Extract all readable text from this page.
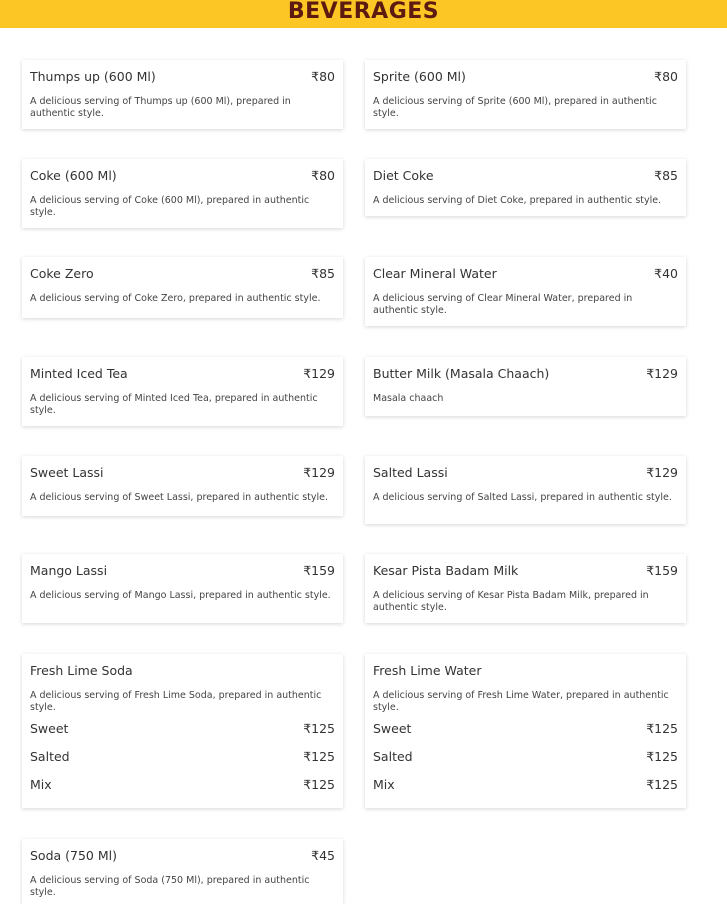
BEVERAGES
Thumps up (600 Ml)	₹80

A delicious serving of Thumps up (600 Ml), prepared in authentic style.

Sprite (600 Ml)	₹80

A delicious serving of Sprite (600 Ml), prepared in authentic style.

Coke (600 Ml)	₹80

A delicious serving of Coke (600 Ml), prepared in authentic style.

Diet Coke	₹85

A delicious serving of Diet Coke, prepared in authentic style.

Coke Zero	₹85

A delicious serving of Coke Zero, prepared in authentic style.

Clear Mineral Water	₹40

A delicious serving of Clear Mineral Water, prepared in authentic style.

Minted Iced Tea	₹129

A delicious serving of Minted Iced Tea, prepared in authentic style.

Butter Milk (Masala Chaach)	₹129

Masala chaach

Sweet Lassi	₹129

A delicious serving of Sweet Lassi, prepared in authentic style.

Salted Lassi	₹129

A delicious serving of Salted Lassi, prepared in authentic style.

Mango Lassi	₹159

A delicious serving of Mango Lassi, prepared in authentic style.

Kesar Pista Badam Milk	₹159

A delicious serving of Kesar Pista Badam Milk, prepared in authentic style.

Fresh Lime Soda

A delicious serving of Fresh Lime Soda, prepared in authentic style.

Sweet	₹125
Salted	₹125
Mix	₹125
Fresh Lime Water

A delicious serving of Fresh Lime Water, prepared in authentic style.

Sweet	₹125
Salted	₹125
Mix	₹125
Soda (750 Ml)	₹45

A delicious serving of Soda (750 Ml), prepared in authentic style.
